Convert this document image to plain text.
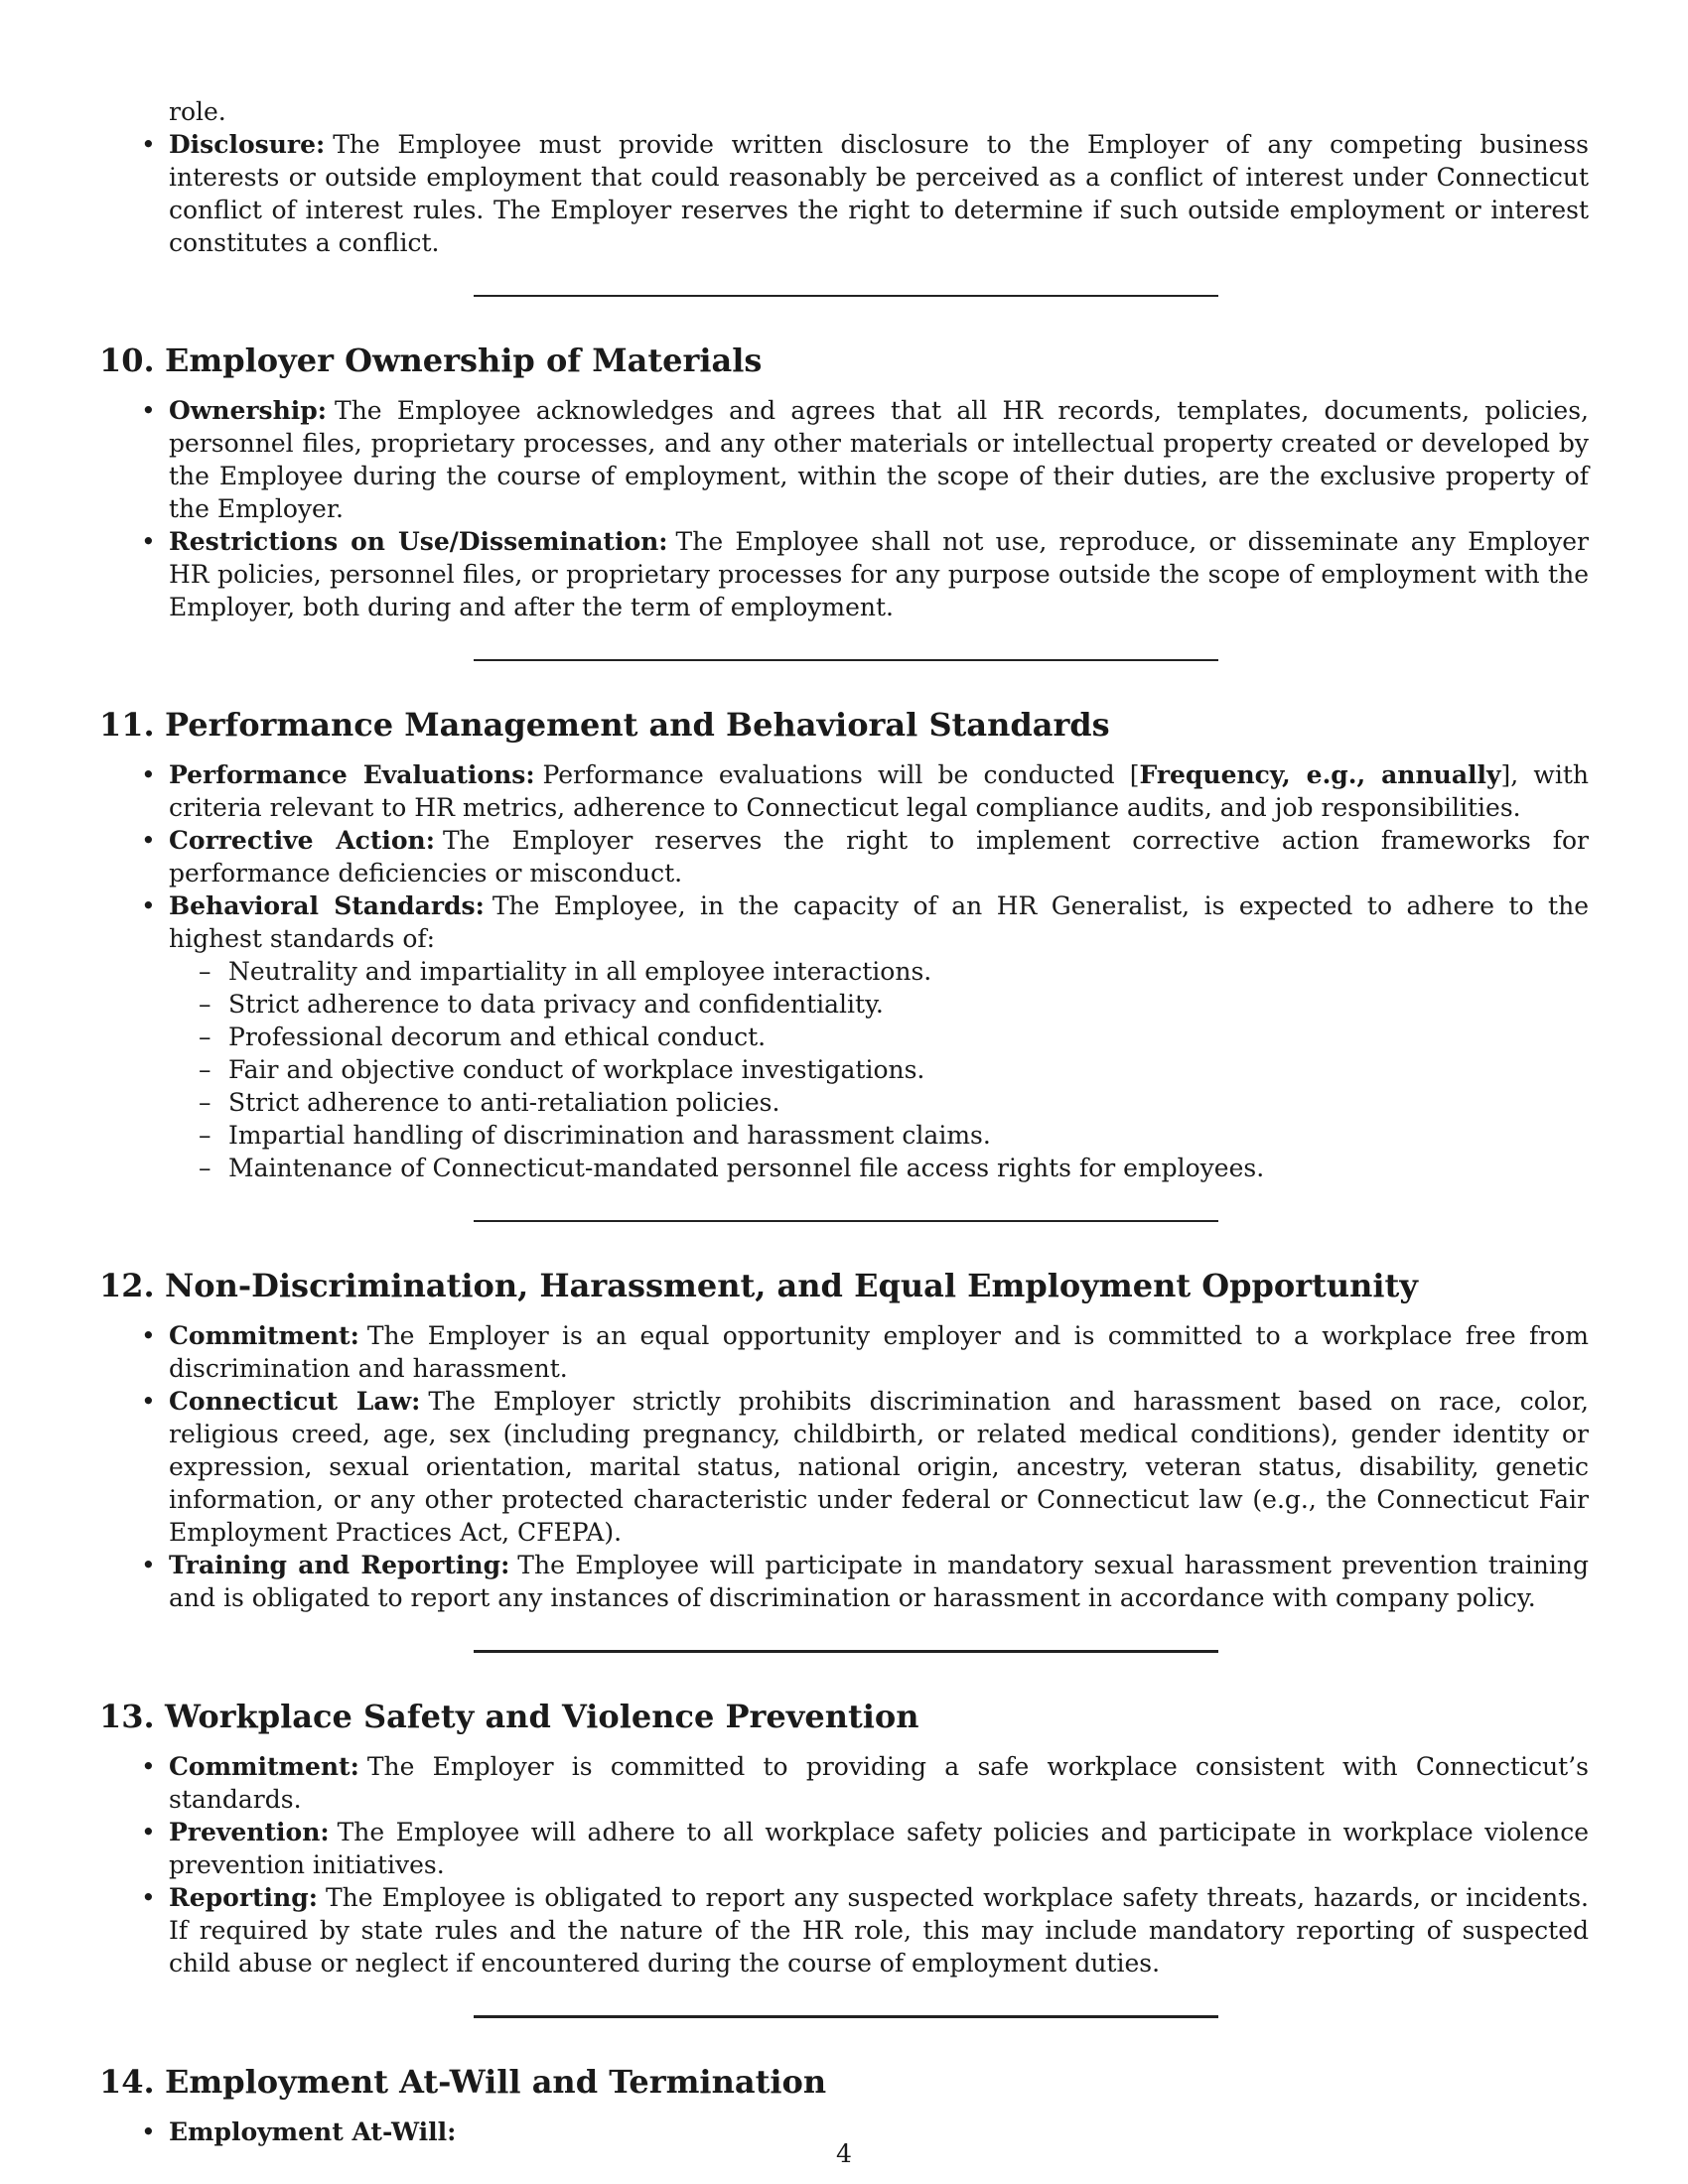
role.

• Disclosure: The Employee must provide written disclosure to the Employer of any competing business interests or outside employment that could reasonably be perceived as a conflict of interest under Connecticut conflict of interest rules. The Employer reserves the right to determine if such outside employment or interest constitutes a conflict.
10. Employer Ownership of Materials
• Ownership: The Employee acknowledges and agrees that all HR records, templates, documents, policies, personnel files, proprietary processes, and any other materials or intellectual property created or developed by the Employee during the course of employment, within the scope of their duties, are the exclusive property of the Employer.
• Restrictions on Use/Dissemination: The Employee shall not use, reproduce, or disseminate any Employer HR policies, personnel files, or proprietary processes for any purpose outside the scope of employment with the Employer, both during and after the term of employment.
11. Performance Management and Behavioral Standards
• Performance Evaluations: Performance evaluations will be conducted [Frequency, e.g., annually], with criteria relevant to HR metrics, adherence to Connecticut legal compliance audits, and job responsibilities.
• Corrective Action: The Employer reserves the right to implement corrective action frameworks for performance deficiencies or misconduct.
• Behavioral Standards: The Employee, in the capacity of an HR Generalist, is expected to adhere to the highest standards of:
– Neutrality and impartiality in all employee interactions.
– Strict adherence to data privacy and confidentiality.
– Professional decorum and ethical conduct.
– Fair and objective conduct of workplace investigations.
– Strict adherence to anti-retaliation policies.
– Impartial handling of discrimination and harassment claims.
– Maintenance of Connecticut-mandated personnel file access rights for employees.
12. Non-Discrimination, Harassment, and Equal Employment Opportunity
• Commitment: The Employer is an equal opportunity employer and is committed to a workplace free from discrimination and harassment.
• Connecticut Law: The Employer strictly prohibits discrimination and harassment based on race, color, religious creed, age, sex (including pregnancy, childbirth, or related medical conditions), gender identity or expression, sexual orientation, marital status, national origin, ancestry, veteran status, disability, genetic information, or any other protected characteristic under federal or Connecticut law (e.g., the Connecticut Fair Employment Practices Act, CFEPA).
• Training and Reporting: The Employee will participate in mandatory sexual harassment prevention training and is obligated to report any instances of discrimination or harassment in accordance with company policy.
13. Workplace Safety and Violence Prevention
• Commitment: The Employer is committed to providing a safe workplace consistent with Connecticut’s standards.
• Prevention: The Employee will adhere to all workplace safety policies and participate in workplace violence prevention initiatives.
• Reporting: The Employee is obligated to report any suspected workplace safety threats, hazards, or incidents. If required by state rules and the nature of the HR role, this may include mandatory reporting of suspected child abuse or neglect if encountered during the course of employment duties.
14. Employment At-Will and Termination
• Employment At-Will:
4
